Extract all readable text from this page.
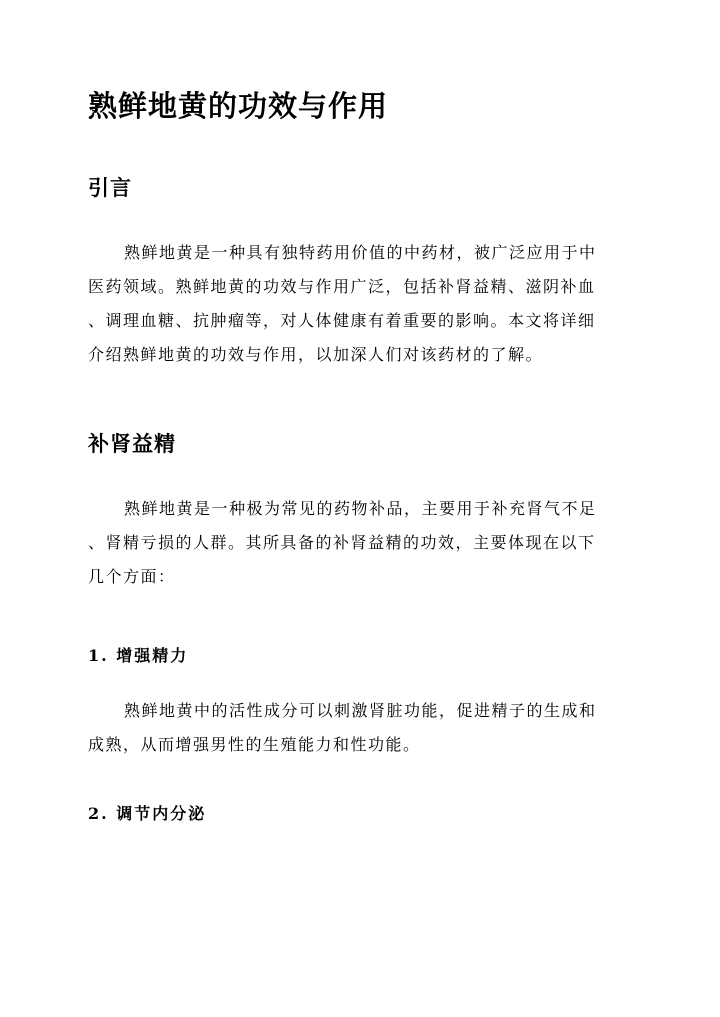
熟鲜地黄的功效与作用
引言
熟鲜地黄是一种具有独特药用价值的中药材，被广泛应用于中
医药领域。熟鲜地黄的功效与作用广泛，包括补肾益精、滋阴补血
、调理血糖、抗肿瘤等，对人体健康有着重要的影响。本文将详细
介绍熟鲜地黄的功效与作用，以加深人们对该药材的了解。
补肾益精
熟鲜地黄是一种极为常见的药物补品，主要用于补充肾气不足
、肾精亏损的人群。其所具备的补肾益精的功效，主要体现在以下
几个方面：
1. 增强精力
熟鲜地黄中的活性成分可以刺激肾脏功能，促进精子的生成和
成熟，从而增强男性的生殖能力和性功能。
2. 调节内分泌
